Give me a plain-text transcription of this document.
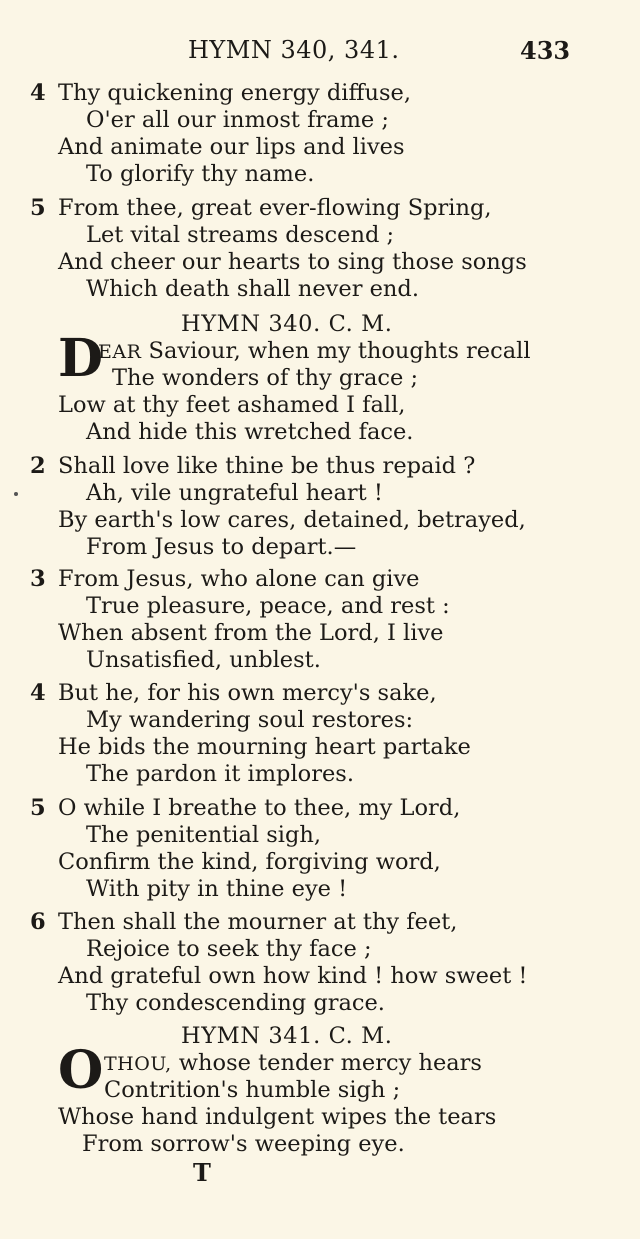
HYMN 340, 341.	433
4 Thy quickening energy diffuse,
O'er all our inmost frame ;
And animate our lips and lives
To glorify thy name.
5 From thee, great ever-flowing Spring,
Let vital streams descend ;
And cheer our hearts to sing those songs
Which death shall never end.
HYMN 340. C. M.
D
EAR Saviour, when my thoughts recall
The wonders of thy grace ;
Low at thy feet ashamed I fall,
And hide this wretched face.
2 Shall love like thine be thus repaid ?
Ah, vile ungrateful heart !
By earth's low cares, detained, betrayed,
From Jesus to depart.—
3 From Jesus, who alone can give
True pleasure, peace, and rest :
When absent from the Lord, I live
Unsatisfied, unblest.
4 But he, for his own mercy's sake,
My wandering soul restores:
He bids the mourning heart partake
The pardon it implores.
5 O while I breathe to thee, my Lord,
The penitential sigh,
Confirm the kind, forgiving word,
With pity in thine eye !
6 Then shall the mourner at thy feet,
Rejoice to seek thy face ;
And grateful own how kind ! how sweet !
Thy condescending grace.
HYMN 341. C. M.
O THOU, whose tender mercy hears
Contrition's humble sigh ;
Whose hand indulgent wipes the tears
From sorrow's weeping eye.
T
